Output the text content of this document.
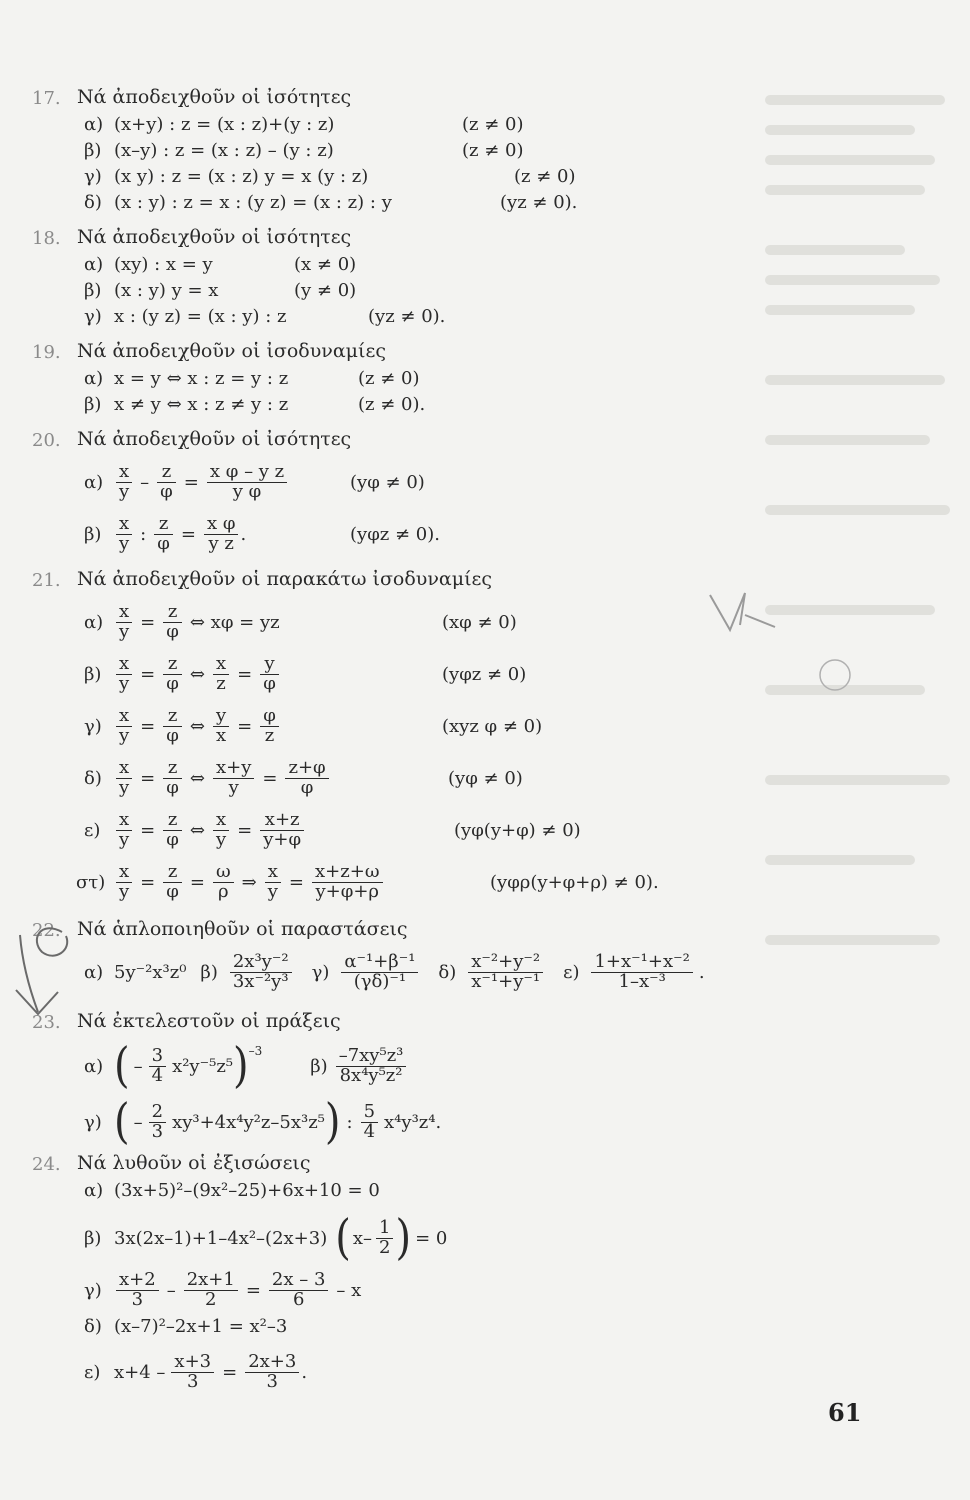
17. Νά ἀποδειχθοῦν οἱ ἰσότητες
α) (x+y) : z = (x : z)+(y : z)	(z ≠ 0)
β) (x–y) : z = (x : z) – (y : z)	(z ≠ 0)
γ) (x y) : z = (x : z) y = x (y : z)	(z ≠ 0)
δ) (x : y) : z = x : (y z) = (x : z) : y	(yz ≠ 0).
18. Νά ἀποδειχθοῦν οἱ ἰσότητες
α) (xy) : x = y	(x ≠ 0)
β) (x : y) y = x	(y ≠ 0)
γ) x : (y z) = (x : y) : z	(yz ≠ 0).
19. Νά ἀποδειχθοῦν οἱ ἰσοδυναμίες
α) x = y ⇔ x : z = y : z	(z ≠ 0)
β) x ≠ y ⇔ x : z ≠ y : z	(z ≠ 0).
20. Νά ἀποδειχθοῦν οἱ ἰσότητες
$\alpha) \frac{x}{y} - \frac{z}{\varphi} = \frac{\text{x φ – y z}}{\text{y φ}}$	(yφ ≠ 0)
$\beta) \frac{x}{y}$ : $\frac{z}{\varphi} = \frac{\text{x φ}}{\text{y z}}$ .	(yφz ≠ 0).
21. Νά ἀποδειχθοῦν οἱ παρακάτω ἰσοδυναμίες
$\alpha) \frac{x}{y} = \frac{z}{\varphi}$ ⇔ xφ = yz	(xφ ≠ 0)
$\beta) \frac{x}{y} = \frac{z}{\varphi}$ ⇔ $\frac{x}{z} = \frac{y}{\varphi}$	(yφz ≠ 0)
$\gamma) \frac{x}{y} = \frac{z}{\varphi}$ ⇔ $\frac{y}{x} = \frac{\varphi}{z}$	(xyz φ ≠ 0)
$\delta) \frac{x}{y} = \frac{z}{\varphi}$ ⇔ $\frac{x+y}{y} = \frac{z+\varphi}{\varphi}$	(yφ ≠ 0)
$\varepsilon) \frac{x}{y} = \frac{z}{\varphi}$ ⇔ $\frac{x}{y} = \frac{x+z}{y+\varphi}$	(yφ(y+φ) ≠ 0)
$\sigma\tau) \frac{x}{y} = \frac{z}{\varphi} = \frac{\omega}{\rho}$ ⇒ $\frac{x}{y} = \frac{x+z+\omega}{y+\varphi+\rho}$	(yφρ(y+φ+ρ) ≠ 0).
22. Νά ἁπλοποιηθοῦν οἱ παραστάσεις
α) 5y⁻²x³z⁰ $\beta) \frac{\text{2x³y⁻²}}{\text{3x⁻²y³}} \gamma) \frac{\text{α⁻¹+β⁻¹}}{\text{(γδ)⁻¹}} \delta) \frac{\text{x⁻²+y⁻²}}{\text{x⁻¹+y⁻¹}} \varepsilon) \frac{\text{1+x⁻¹+x⁻²}}{\text{1–x⁻³}}$ .
23. Νά ἐκτελεστοῦν οἱ πράξεις
α) ( – $\frac{3}{4} x^2y^{-5}z^5$ ) –3
$\beta) \frac{\text{–7xy⁵z³}}{\text{8x⁴y⁵z²}}$
γ) ( – $\frac{2}{3} xy^3+4x^4y^2z-5x^3z^5$ ) : $\frac{5}{4} x^4y^3z^4$.
24. Νά λυθοῦν οἱ ἐξισώσεις
α) (3x+5)²–(9x²–25)+6x+10 = 0
β) 3x(2x–1)+1–4x²–(2x+3) ( $x- \frac{1}{2}$ ) = 0
$\gamma) \frac{x+2}{3} - \frac{2x+1}{2} = \frac{2x - 3}{6} - x$
δ) (x–7)²–2x+1 = x²–3
ε) $x+4 - \frac{x+3}{3} = \frac{2x+3}{3}$ .
61
